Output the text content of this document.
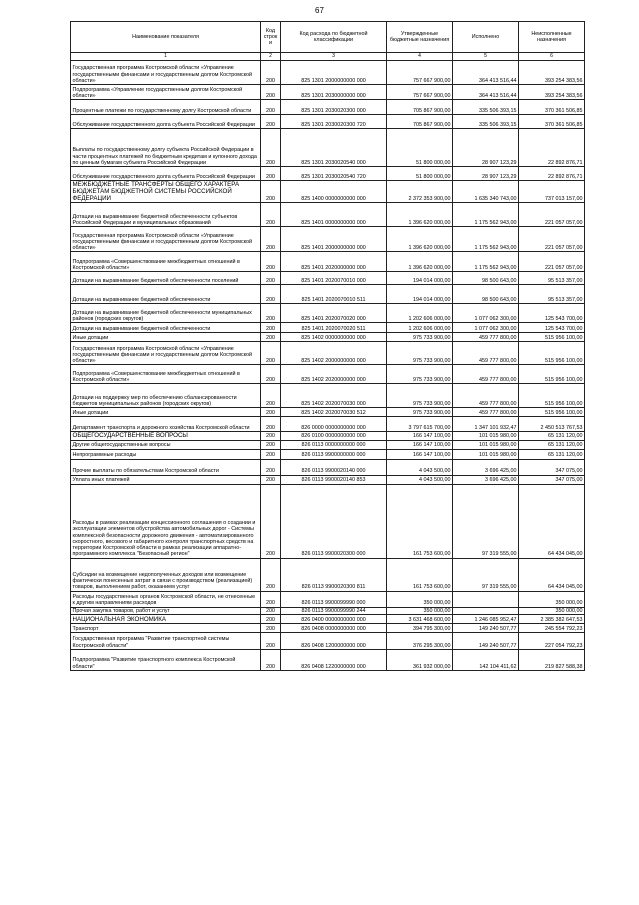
67
Наименование показателя	Код строки	Код расхода по бюджетной классификации	Утвержденные бюджетные назначения	Исполнено	Неисполненные назначения
1	2	3	4	5	6
Государственная программа Костромской области «Управление государственными финансами и государственным долгом Костромской области»	200	825 1301 2000000000 000	757 667 900,00	364 413 516,44	393 254 383,56
Подпрограмма «Управление государственным долгом Костромской области»	200	825 1301 2030000000 000	757 667 900,00	364 413 516,44	393 254 383,56
Процентные платежи по государственному долгу Костромской области	200	825 1301 2030020300 000	705 867 900,00	335 506 393,15	370 361 506,85
Обслуживание государственного долга субъекта Российской Федерации	200	825 1301 2030020300 720	705 867 900,00	335 506 393,15	370 361 506,85
Выплаты по государственному долгу субъекта Российской Федерации в части процентных платежей по бюджетным кредитам и купонного дохода по ценным бумагам субъекта Российской Федерации	200	825 1301 2030020540 000	51 800 000,00	28 907 123,29	22 892 876,71
Обслуживание государственного долга субъекта Российской Федерации	200	825 1301 2030020540 720	51 800 000,00	28 907 123,29	22 892 876,71
МЕЖБЮДЖЕТНЫЕ ТРАНСФЕРТЫ ОБЩЕГО ХАРАКТЕРА БЮДЖЕТАМ БЮДЖЕТНОЙ СИСТЕМЫ РОССИЙСКОЙ ФЕДЕРАЦИИ	200	825 1400 0000000000 000	2 372 353 900,00	1 635 340 743,00	737 013 157,00
Дотации на выравнивание бюджетной обеспеченности субъектов Российской Федерации и муниципальных образований	200	825 1401 0000000000 000	1 396 620 000,00	1 175 562 943,00	221 057 057,00
Государственная программа Костромской области «Управление государственными финансами и государственным долгом Костромской области»	200	825 1401 2000000000 000	1 396 620 000,00	1 175 562 943,00	221 057 057,00
Подпрограмма «Совершенствование межбюджетных отношений в Костромской области»	200	825 1401 2020000000 000	1 396 620 000,00	1 175 562 943,00	221 057 057,00
Дотации на выравнивание бюджетной обеспеченности поселений	200	825 1401 2020070010 000	194 014 000,00	98 500 643,00	95 513 357,00
Дотации на выравнивание бюджетной обеспеченности	200	825 1401 2020070010 511	194 014 000,00	98 500 643,00	95 513 357,00
Дотации на выравнивание бюджетной обеспеченности муниципальных районов (городских округов)	200	825 1401 2020070020 000	1 202 606 000,00	1 077 062 300,00	125 543 700,00
Дотации на выравнивание бюджетной обеспеченности	200	825 1401 2020070020 511	1 202 606 000,00	1 077 062 300,00	125 543 700,00
Иные дотации	200	825 1402 0000000000 000	975 733 900,00	459 777 800,00	515 956 100,00
Государственная программа Костромской области «Управление государственными финансами и государственным долгом Костромской области»	200	825 1402 2000000000 000	975 733 900,00	459 777 800,00	515 956 100,00
Подпрограмма «Совершенствование межбюджетных отношений в Костромской области»	200	825 1402 2020000000 000	975 733 900,00	459 777 800,00	515 956 100,00
Дотации на поддержку мер по обеспечению сбалансированности бюджетов муниципальных районов (городских округов)	200	825 1402 2020070030 000	975 733 900,00	459 777 800,00	515 956 100,00
Иные дотации	200	825 1402 2020070030 512	975 733 900,00	459 777 800,00	515 956 100,00
Департамент транспорта и дорожного хозяйства Костромской области	200	826 0000 0000000000 000	3 797 615 700,00	1 347 101 932,47	2 450 513 767,53
ОБЩЕГОСУДАРСТВЕННЫЕ ВОПРОСЫ	200	826 0100 0000000000 000	166 147 100,00	101 015 980,00	65 131 120,00
Другие общегосударственные вопросы	200	826 0113 0000000000 000	166 147 100,00	101 015 980,00	65 131 120,00
Непрограммные расходы	200	826 0113 9900000000 000	166 147 100,00	101 015 980,00	65 131 120,00
Прочие выплаты по обязательствам Костромской области	200	826 0113 9900020140 000	4 043 500,00	3 696 425,00	347 075,00
Уплата иных платежей	200	826 0113 9900020140 853	4 043 500,00	3 696 425,00	347 075,00
Расходы в рамках реализации концессионного соглашения о создании и эксплуатации элементов обустройства автомобильных дорог - Системы комплексной безопасности дорожного движения - автоматизированного скоростного, весового и габаритного контроля транспортных средств на территории Костромской области в рамках реализации аппаратно-программного комплекса "Безопасный регион"	200	826 0113 9900020300 000	161 753 600,00	97 319 555,00	64 434 045,00
Субсидии на возмещение недополученных доходов или возмещение фактически понесенных затрат в связи с производством (реализацией) товаров, выполнением работ, оказанием услуг	200	826 0113 9900020300 811	161 753 600,00	97 319 555,00	64 434 045,00
Расходы государственных органов Костромской области, не отнесенные к другим направлениям расходов	200	826 0113 9900099990 000	350 000,00		350 000,00
Прочая закупка товаров, работ и услуг	200	826 0113 9900099990 244	350 000,00		350 000,00
НАЦИОНАЛЬНАЯ ЭКОНОМИКА	200	826 0400 0000000000 000	3 631 468 600,00	1 246 085 952,47	2 385 382 647,53
Транспорт	200	826 0408 0000000000 000	394 795 300,00	149 240 507,77	245 554 792,23
Государственная программа "Развитие транспортной системы Костромской области"	200	826 0408 1200000000 000	376 295 300,00	149 240 507,77	227 054 792,23
Подпрограмма "Развитие транспортного комплекса Костромской области"	200	826 0408 1220000000 000	361 932 000,00	142 104 411,62	219 827 588,38
